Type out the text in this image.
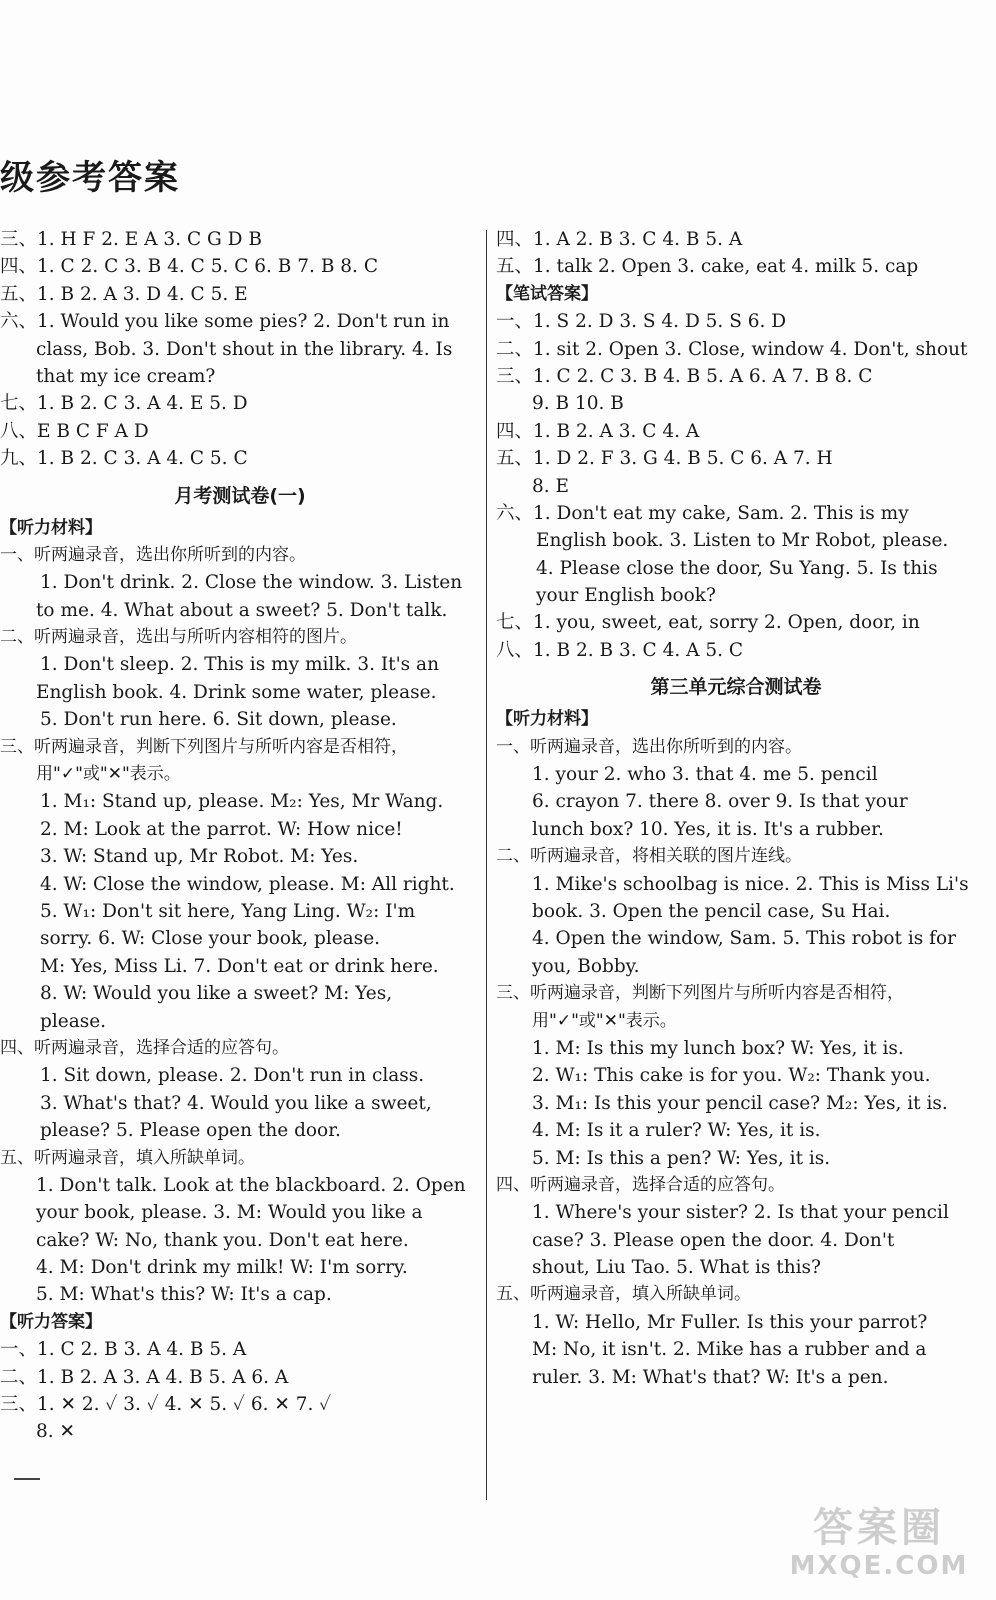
级参考答案
三、1. H F 2. E A 3. C G D B
四、1. C 2. C 3. B 4. C 5. C 6. B 7. B 8. C
五、1. B 2. A 3. D 4. C 5. E
六、1. Would you like some pies? 2. Don't run in
class, Bob. 3. Don't shout in the library. 4. Is
that my ice cream?
七、1. B 2. C 3. A 4. E 5. D
八、E B C F A D
九、1. B 2. C 3. A 4. C 5. C
月考测试卷(一)
【听力材料】
一、听两遍录音，选出你所听到的内容。
1. Don't drink. 2. Close the window. 3. Listen
to me. 4. What about a sweet? 5. Don't talk.
二、听两遍录音，选出与所听内容相符的图片。
1. Don't sleep. 2. This is my milk. 3. It's an
English book. 4. Drink some water, please.
5. Don't run here. 6. Sit down, please.
三、听两遍录音，判断下列图片与所听内容是否相符，
用"✓"或"✕"表示。
1. M₁: Stand up, please. M₂: Yes, Mr Wang.
2. M: Look at the parrot. W: How nice!
3. W: Stand up, Mr Robot. M: Yes.
4. W: Close the window, please. M: All right.
5. W₁: Don't sit here, Yang Ling. W₂: I'm
sorry. 6. W: Close your book, please.
M: Yes, Miss Li. 7. Don't eat or drink here.
8. W: Would you like a sweet? M: Yes,
please.
四、听两遍录音，选择合适的应答句。
1. Sit down, please. 2. Don't run in class.
3. What's that? 4. Would you like a sweet,
please? 5. Please open the door.
五、听两遍录音，填入所缺单词。
1. Don't talk. Look at the blackboard. 2. Open
your book, please. 3. M: Would you like a
cake? W: No, thank you. Don't eat here.
4. M: Don't drink my milk! W: I'm sorry.
5. M: What's this? W: It's a cap.
【听力答案】
一、1. C 2. B 3. A 4. B 5. A
二、1. B 2. A 3. A 4. B 5. A 6. A
三、1. ✕ 2. ✓ 3. ✓ 4. ✕ 5. ✓ 6. ✕ 7. ✓
8. ✕
四、1. A 2. B 3. C 4. B 5. A
五、1. talk 2. Open 3. cake, eat 4. milk 5. cap
【笔试答案】
一、1. S 2. D 3. S 4. D 5. S 6. D
二、1. sit 2. Open 3. Close, window 4. Don't, shout
三、1. C 2. C 3. B 4. B 5. A 6. A 7. B 8. C
9. B 10. B
四、1. B 2. A 3. C 4. A
五、1. D 2. F 3. G 4. B 5. C 6. A 7. H
8. E
六、1. Don't eat my cake, Sam. 2. This is my
English book. 3. Listen to Mr Robot, please.
4. Please close the door, Su Yang. 5. Is this
your English book?
七、1. you, sweet, eat, sorry 2. Open, door, in
八、1. B 2. B 3. C 4. A 5. C
第三单元综合测试卷
【听力材料】
一、听两遍录音，选出你所听到的内容。
1. your 2. who 3. that 4. me 5. pencil
6. crayon 7. there 8. over 9. Is that your
lunch box? 10. Yes, it is. It's a rubber.
二、听两遍录音，将相关联的图片连线。
1. Mike's schoolbag is nice. 2. This is Miss Li's
book. 3. Open the pencil case, Su Hai.
4. Open the window, Sam. 5. This robot is for
you, Bobby.
三、听两遍录音，判断下列图片与所听内容是否相符，
用"✓"或"✕"表示。
1. M: Is this my lunch box? W: Yes, it is.
2. W₁: This cake is for you. W₂: Thank you.
3. M₁: Is this your pencil case? M₂: Yes, it is.
4. M: Is it a ruler? W: Yes, it is.
5. M: Is this a pen? W: Yes, it is.
四、听两遍录音，选择合适的应答句。
1. Where's your sister? 2. Is that your pencil
case? 3. Please open the door. 4. Don't
shout, Liu Tao. 5. What is this?
五、听两遍录音，填入所缺单词。
1. W: Hello, Mr Fuller. Is this your parrot?
M: No, it isn't. 2. Mike has a rubber and a
ruler. 3. M: What's that? W: It's a pen.
答案圈
MXQE.COM
